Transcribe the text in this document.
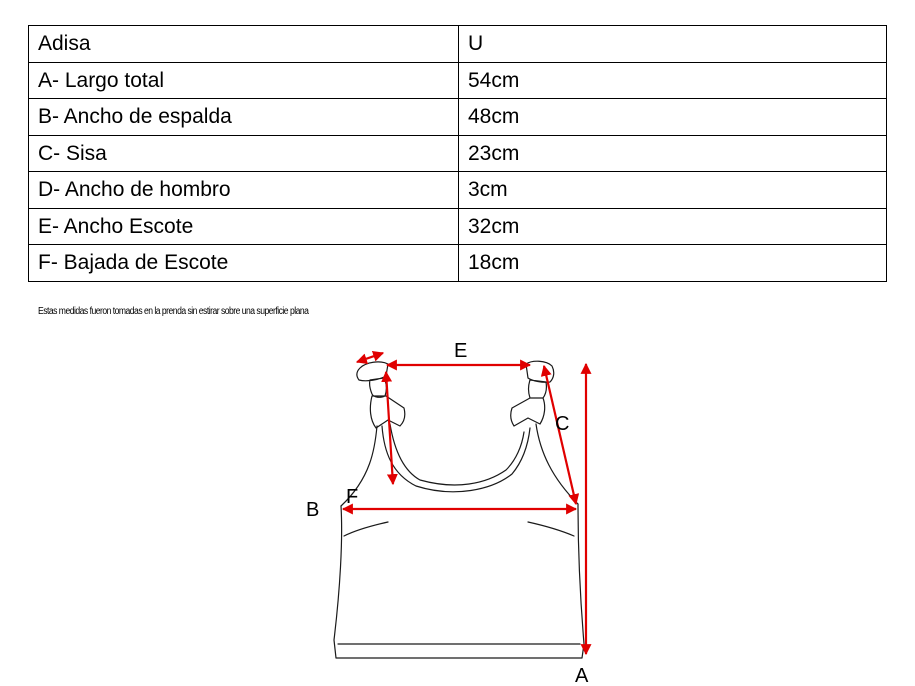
Adisa	U
A- Largo total	54cm
B- Ancho de espalda	48cm
C- Sisa	23cm
D- Ancho de hombro	3cm
E- Ancho Escote	32cm
F- Bajada de Escote	18cm
Estas medidas fueron tomadas en la prenda sin estirar sobre una superficie plana
A
B
C
E
F
